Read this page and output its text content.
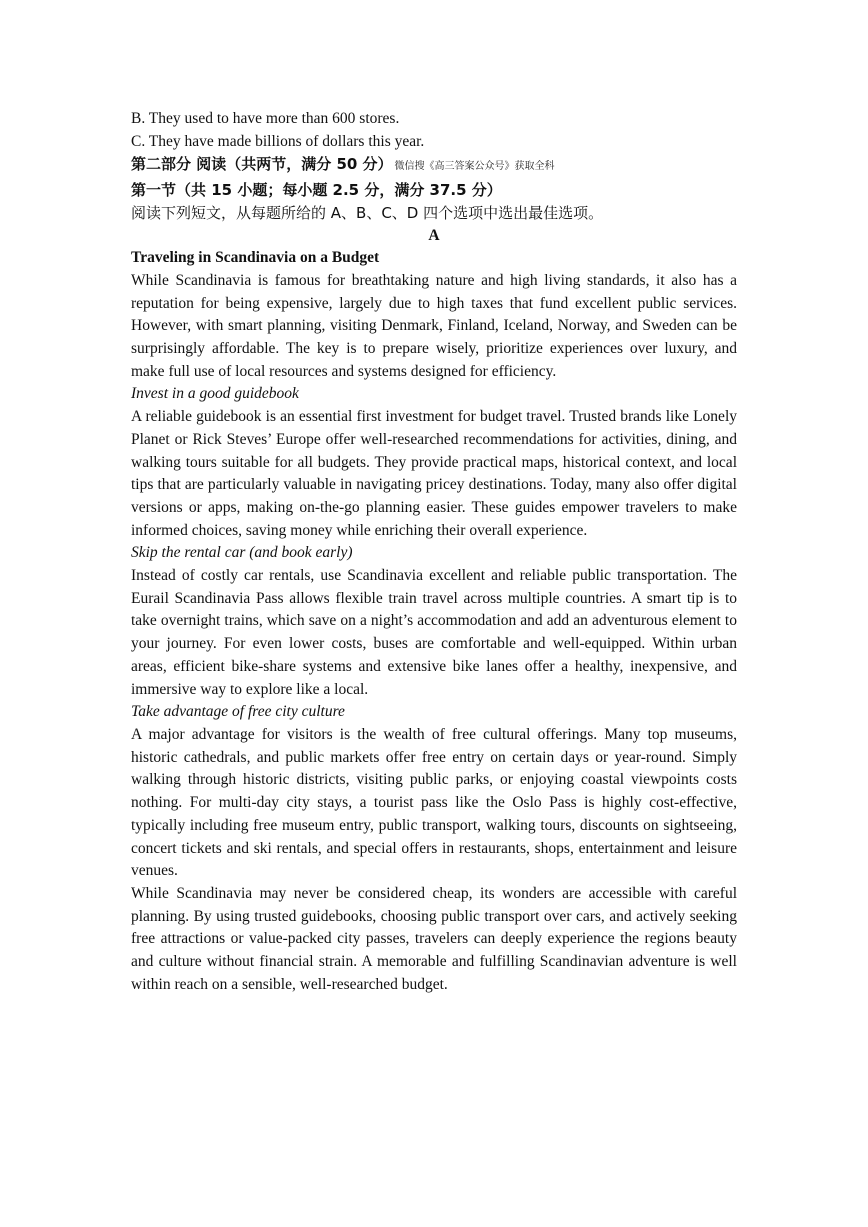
B. They used to have more than 600 stores.

C. They have made billions of dollars this year.

第二部分 阅读（共两节，满分 50 分） 微信搜《高三答案公众号》获取全科

第一节（共 15 小题；每小题 2.5 分，满分 37.5 分）

阅读下列短文，从每题所给的 A、B、C、D 四个选项中选出最佳选项。

A

Traveling in Scandinavia on a Budget

While Scandinavia is famous for breathtaking nature and high living standards, it also has a reputation for being expensive, largely due to high taxes that fund excellent public services. However, with smart planning, visiting Denmark, Finland, Iceland, Norway, and Sweden can be surprisingly affordable. The key is to prepare wisely, prioritize experiences over luxury, and make full use of local resources and systems designed for efficiency.

Invest in a good guidebook

A reliable guidebook is an essential first investment for budget travel. Trusted brands like Lonely Planet or Rick Steves’ Europe offer well-researched recommendations for activities, dining, and walking tours suitable for all budgets. They provide practical maps, historical context, and local tips that are particularly valuable in navigating pricey destinations. Today, many also offer digital versions or apps, making on-the-go planning easier. These guides empower travelers to make informed choices, saving money while enriching their overall experience.

Skip the rental car (and book early)

Instead of costly car rentals, use Scandinavia excellent and reliable public transportation. The Eurail Scandinavia Pass allows flexible train travel across multiple countries. A smart tip is to take overnight trains, which save on a night’s accommodation and add an adventurous element to your journey. For even lower costs, buses are comfortable and well-equipped. Within urban areas, efficient bike-share systems and extensive bike lanes offer a healthy, inexpensive, and immersive way to explore like a local.

Take advantage of free city culture

A major advantage for visitors is the wealth of free cultural offerings. Many top museums, historic cathedrals, and public markets offer free entry on certain days or year-round. Simply walking through historic districts, visiting public parks, or enjoying coastal viewpoints costs nothing. For multi-day city stays, a tourist pass like the Oslo Pass is highly cost-effective, typically including free museum entry, public transport, walking tours, discounts on sightseeing, concert tickets and ski rentals, and special offers in restaurants, shops, entertainment and leisure venues.

While Scandinavia may never be considered cheap, its wonders are accessible with careful planning. By using trusted guidebooks, choosing public transport over cars, and actively seeking free attractions or value-packed city passes, travelers can deeply experience the regions beauty and culture without financial strain. A memorable and fulfilling Scandinavian adventure is well within reach on a sensible, well-researched budget.
